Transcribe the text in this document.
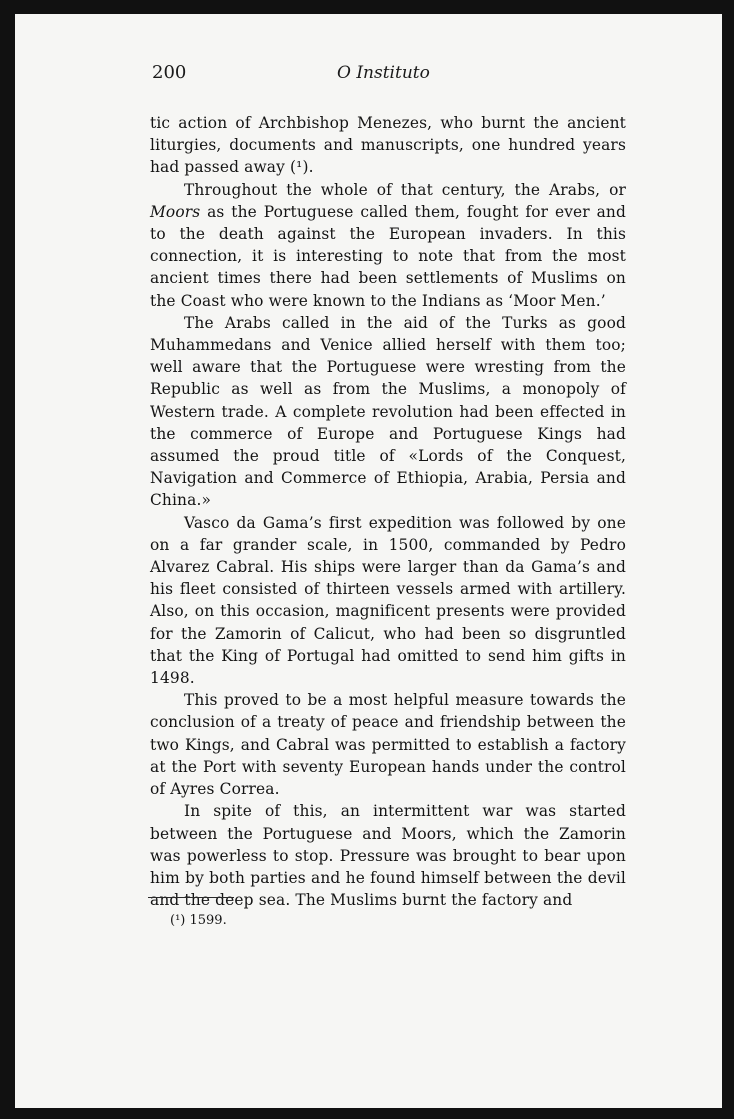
200	O Instituto

tic action of Archbishop Menezes, who burnt the ancient liturgies, documents and manuscripts, one hundred years had passed away (¹).

Throughout the whole of that century, the Arabs, or Moors as the Portuguese called them, fought for ever and to the death against the European invaders. In this connection, it is interesting to note that from the most ancient times there had been settlements of Muslims on the Coast who were known to the Indians as ‘Moor Men.’

The Arabs called in the aid of the Turks as good Muhammedans and Venice allied herself with them too; well aware that the Portuguese were wresting from the Republic as well as from the Muslims, a monopoly of Western trade. A complete revolution had been effected in the commerce of Europe and Portuguese Kings had assumed the proud title of «Lords of the Conquest, Navigation and Commerce of Ethiopia, Arabia, Persia and China.»

Vasco da Gama’s first expedition was followed by one on a far grander scale, in 1500, commanded by Pedro Alvarez Cabral. His ships were larger than da Gama’s and his fleet consisted of thirteen vessels armed with artillery. Also, on this occasion, magnificent presents were provided for the Zamorin of Calicut, who had been so disgruntled that the King of Portugal had omitted to send him gifts in 1498.

This proved to be a most helpful measure towards the conclusion of a treaty of peace and friendship between the two Kings, and Cabral was permitted to establish a factory at the Port with seventy European hands under the control of Ayres Correa.

In spite of this, an intermittent war was started between the Portuguese and Moors, which the Zamorin was powerless to stop. Pressure was brought to bear upon him by both parties and he found himself between the devil and the deep sea. The Muslims burnt the factory and

(¹) 1599.
